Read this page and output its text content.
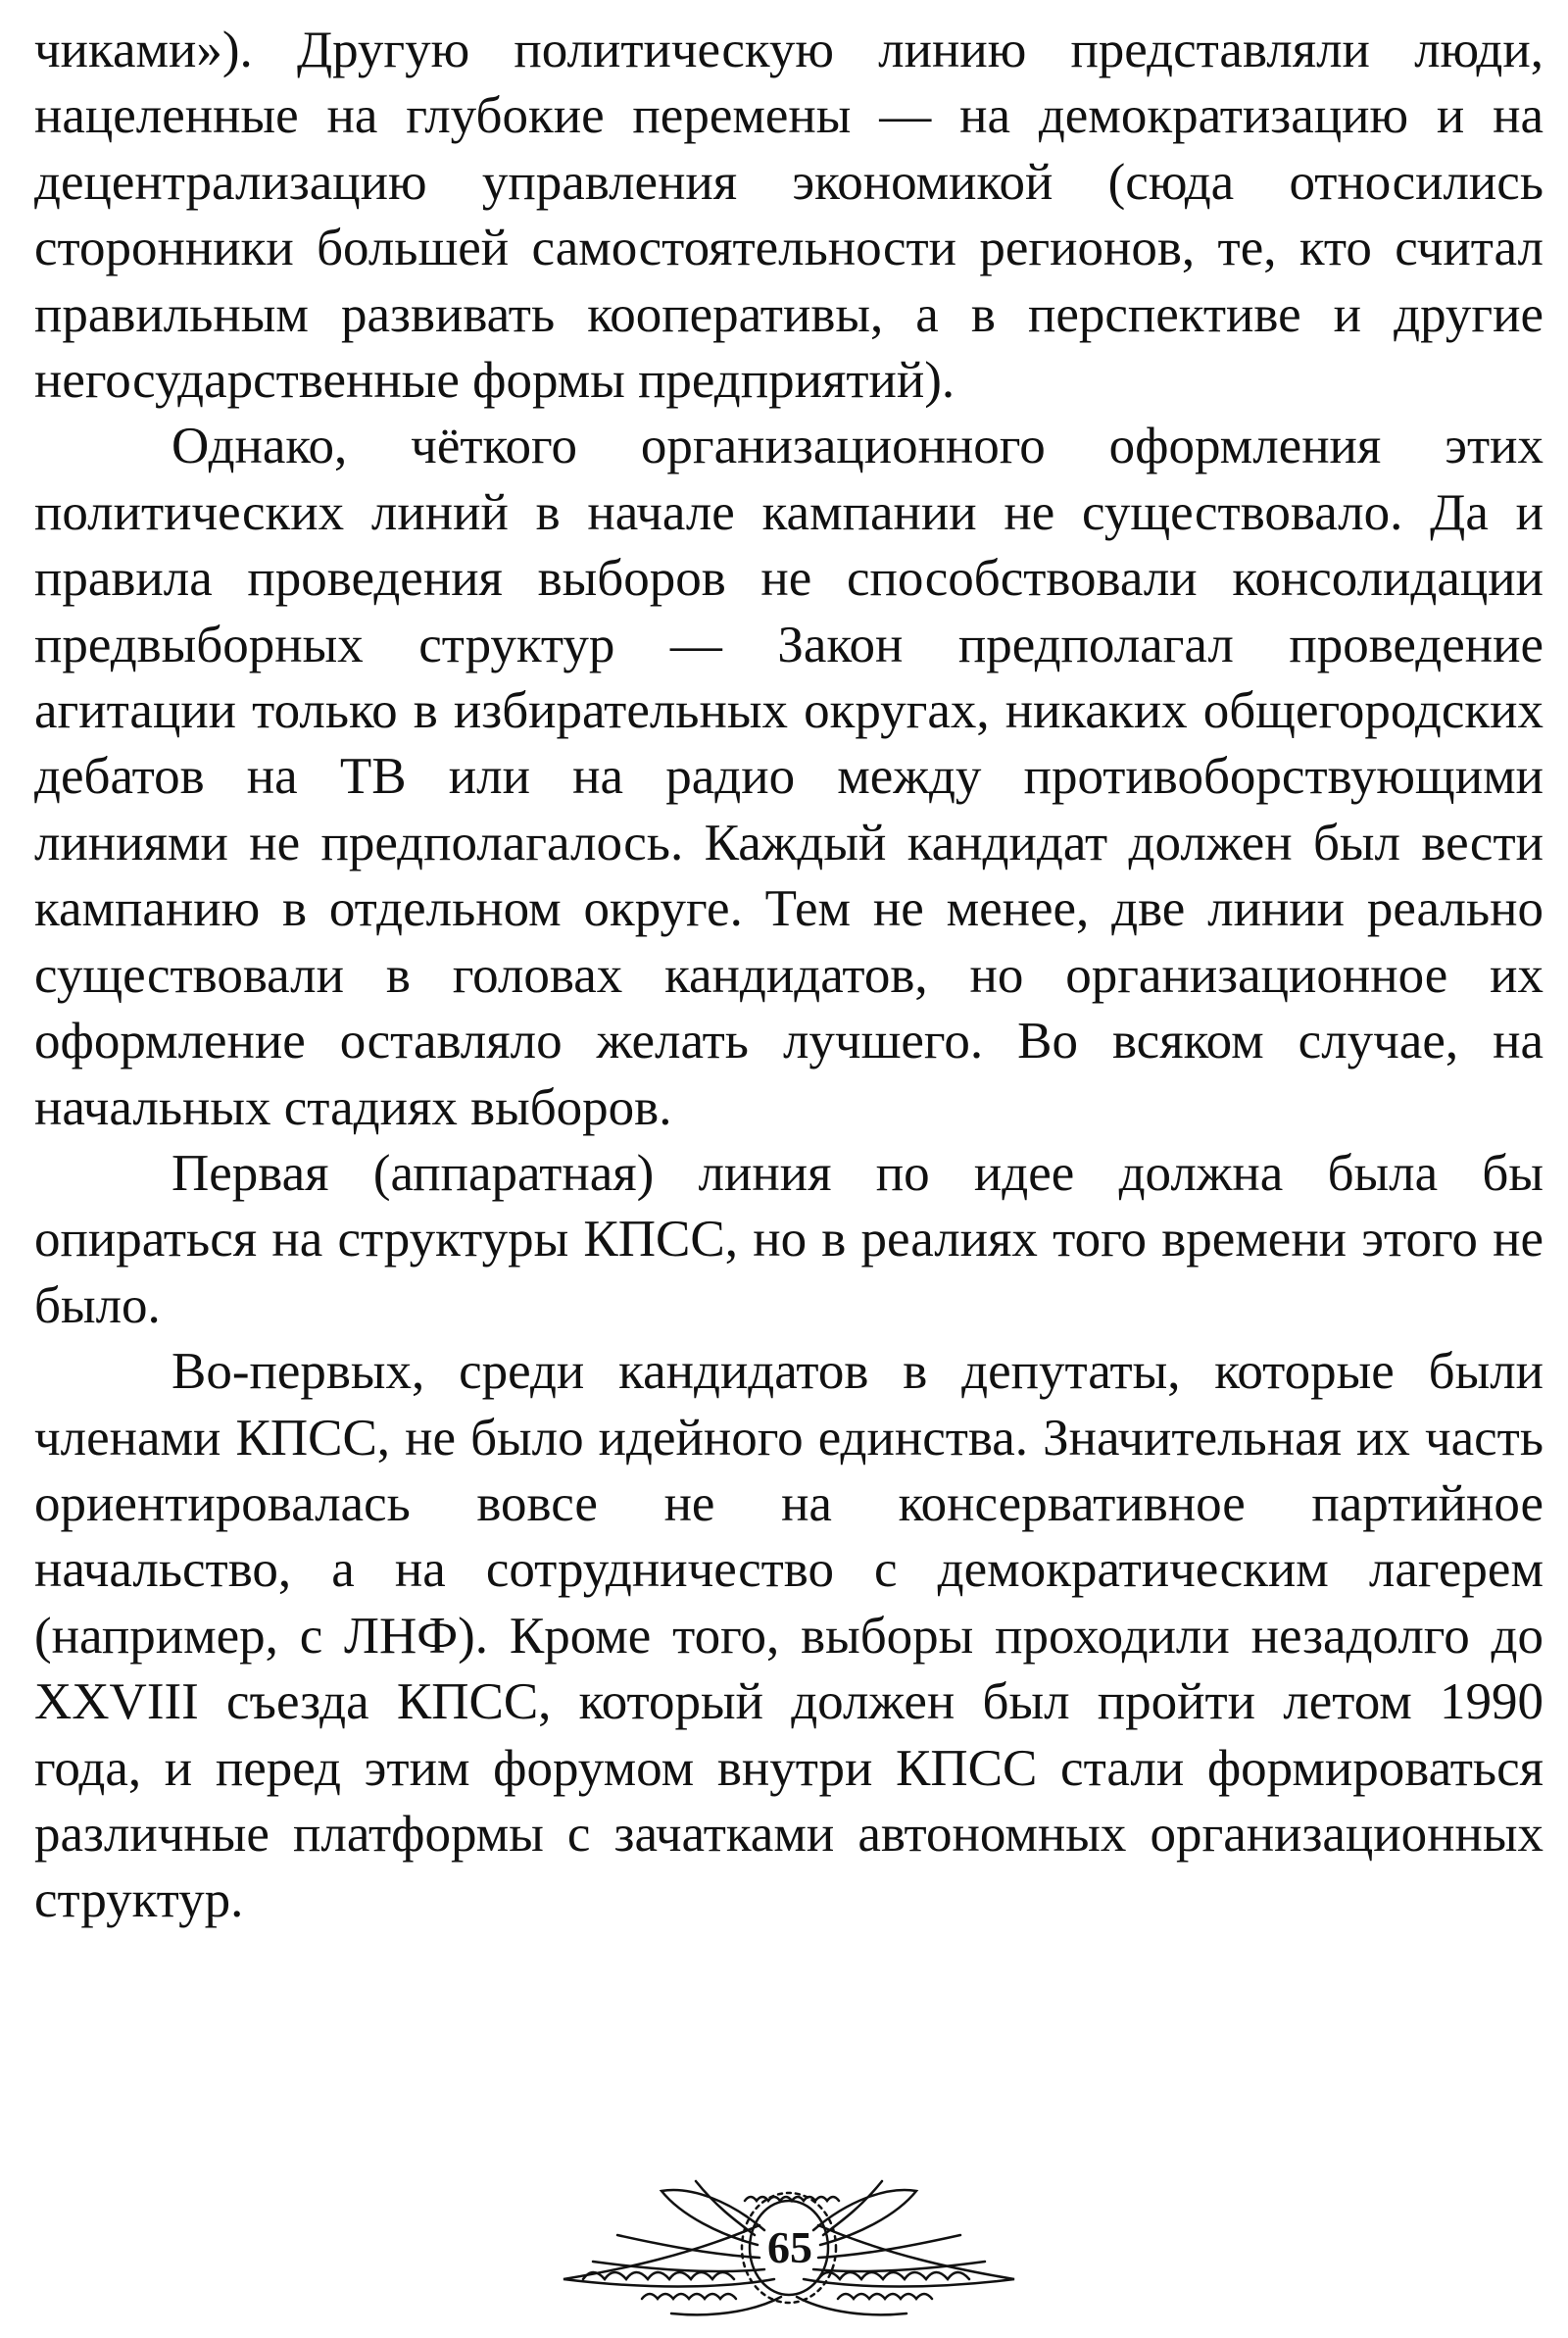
чиками»). Другую политическую линию представляли люди, нацеленные на глубокие перемены — на демократизацию и на децентрализацию управления экономикой (сюда относились сторонники большей самостоятельности регионов, те, кто считал правильным развивать кооперативы, а в перспективе и другие негосударственные формы предприятий).

Однако, чёткого организационного оформления этих политических линий в начале кампании не существовало. Да и правила проведения выборов не способствовали консолидации предвыборных структур — Закон предполагал проведение агитации только в избирательных округах, никаких общегородских дебатов на ТВ или на радио между противоборствующими линиями не предполагалось. Каждый кандидат должен был вести кампанию в отдельном округе. Тем не менее, две линии реально существовали в головах кандидатов, но организационное их оформление оставляло желать лучшего. Во всяком случае, на начальных стадиях выборов.

Первая (аппаратная) линия по идее должна была бы опираться на структуры КПСС, но в реалиях того времени этого не было.

Во-первых, среди кандидатов в депутаты, которые были членами КПСС, не было идейного единства. Значительная их часть ориентировалась вовсе не на консервативное партийное начальство, а на сотрудничество с демократическим лагерем (например, с ЛНФ). Кроме того, выборы проходили незадолго до XXVIII съезда КПСС, который должен был пройти летом 1990 года, и перед этим форумом внутри КПСС стали формироваться различные платформы с зачатками автономных организационных структур.

65
